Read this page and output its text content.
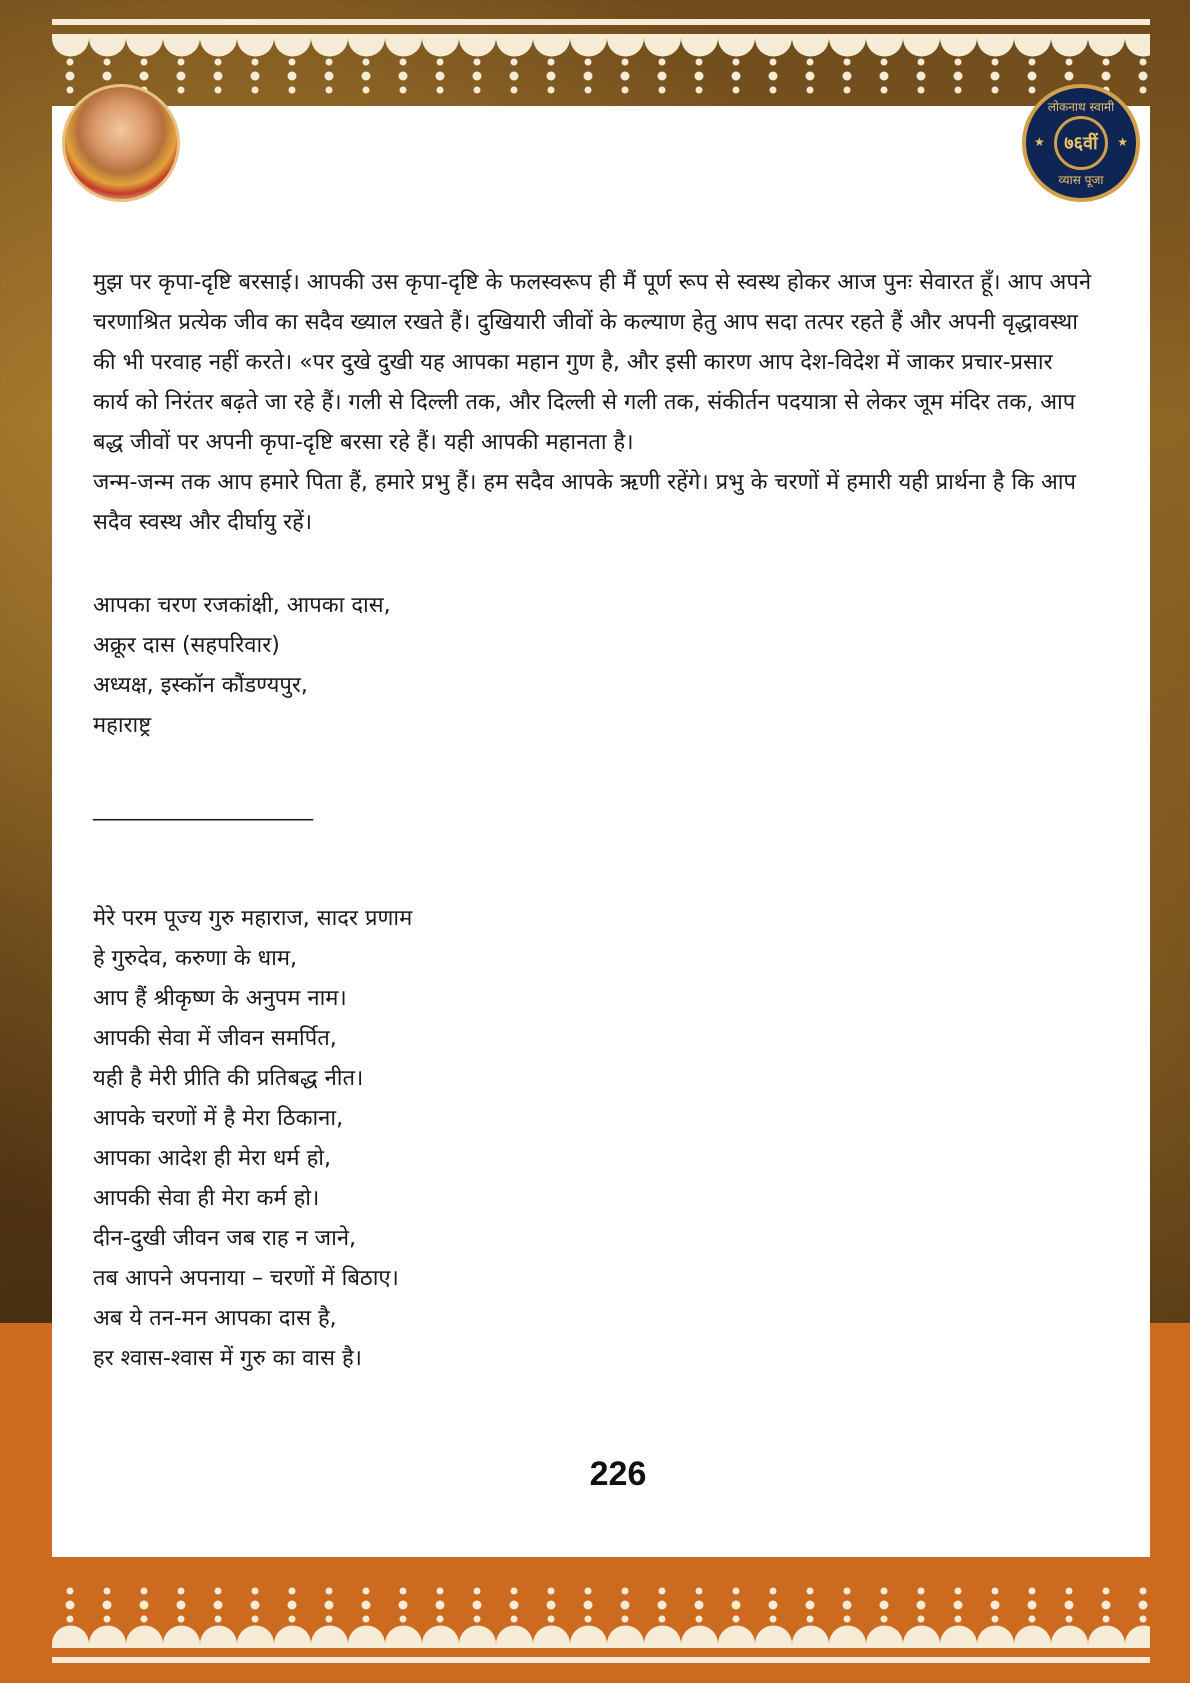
लोकनाथ स्वामी
★	७६वीं	★
व्यास पूजा

मुझ पर कृपा-दृष्टि बरसाई। आपकी उस कृपा-दृष्टि के फलस्वरूप ही मैं पूर्ण रूप से स्वस्थ होकर आज पुनः सेवारत हूँ। आप अपने चरणाश्रित प्रत्येक जीव का सदैव ख्याल रखते हैं। दुखियारी जीवों के कल्याण हेतु आप सदा तत्पर रहते हैं और अपनी वृद्धावस्था की भी परवाह नहीं करते। «पर दुखे दुखी यह आपका महान गुण है, और इसी कारण आप देश-विदेश में जाकर प्रचार-प्रसार कार्य को निरंतर बढ़ते जा रहे हैं। गली से दिल्ली तक, और दिल्ली से गली तक, संकीर्तन पदयात्रा से लेकर जूम मंदिर तक, आप बद्ध जीवों पर अपनी कृपा-दृष्टि बरसा रहे हैं। यही आपकी महानता है।

जन्म-जन्म तक आप हमारे पिता हैं, हमारे प्रभु हैं। हम सदैव आपके ऋणी रहेंगे। प्रभु के चरणों में हमारी यही प्रार्थना है कि आप सदैव स्वस्थ और दीर्घायु रहें।

आपका चरण रजकांक्षी, आपका दास,

अक्रूर दास (सहपरिवार)

अध्यक्ष, इस्कॉन कौंडण्यपुर,

महाराष्ट्र

____________________

मेरे परम पूज्य गुरु महाराज, सादर प्रणाम

हे गुरुदेव, करुणा के धाम,

आप हैं श्रीकृष्ण के अनुपम नाम।

आपकी सेवा में जीवन समर्पित,

यही है मेरी प्रीति की प्रतिबद्ध नीत।

आपके चरणों में है मेरा ठिकाना,

आपका आदेश ही मेरा धर्म हो,

आपकी सेवा ही मेरा कर्म हो।

दीन-दुखी जीवन जब राह न जाने,

तब आपने अपनाया – चरणों में बिठाए।

अब ये तन-मन आपका दास है,

हर श्वास-श्वास में गुरु का वास है।

226
